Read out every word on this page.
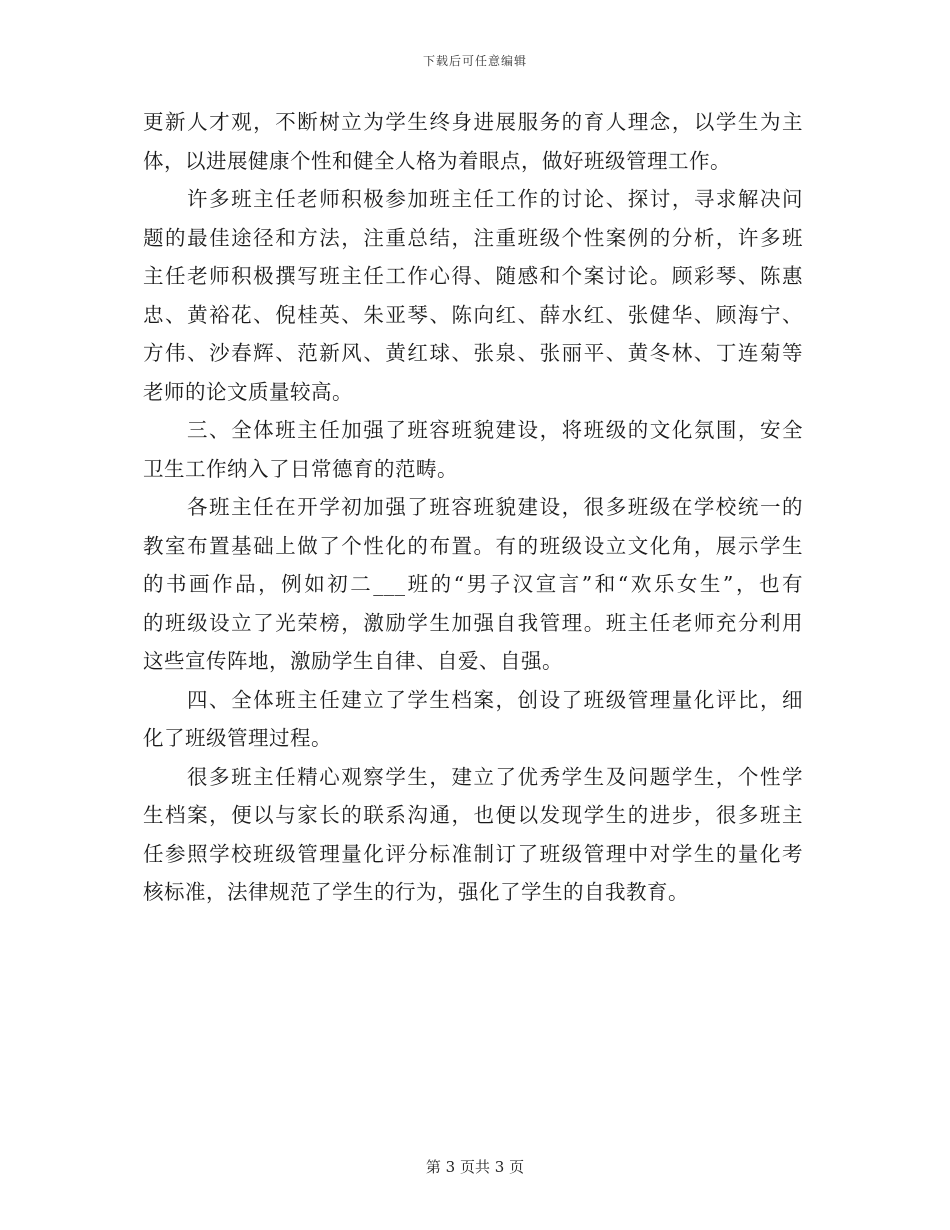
下载后可任意编辑
更新人才观，不断树立为学生终身进展服务的育人理念，以学生为主
体，以进展健康个性和健全人格为着眼点，做好班级管理工作。
许多班主任老师积极参加班主任工作的讨论、探讨，寻求解决问
题的最佳途径和方法，注重总结，注重班级个性案例的分析，许多班
主任老师积极撰写班主任工作心得、随感和个案讨论。顾彩琴、陈惠
忠、黄裕花、倪桂英、朱亚琴、陈向红、薛水红、张健华、顾海宁、
方伟、沙春辉、范新风、黄红球、张泉、张丽平、黄冬林、丁连菊等
老师的论文质量较高。
三、全体班主任加强了班容班貌建设，将班级的文化氛围，安全
卫生工作纳入了日常德育的范畴。
各班主任在开学初加强了班容班貌建设，很多班级在学校统一的
教室布置基础上做了个性化的布置。有的班级设立文化角，展示学生
的书画作品，例如初二___班的“男子汉宣言”和“欢乐女生”，也有
的班级设立了光荣榜，激励学生加强自我管理。班主任老师充分利用
这些宣传阵地，激励学生自律、自爱、自强。
四、全体班主任建立了学生档案，创设了班级管理量化评比，细
化了班级管理过程。
很多班主任精心观察学生，建立了优秀学生及问题学生，个性学
生档案，便以与家长的联系沟通，也便以发现学生的进步，很多班主
任参照学校班级管理量化评分标准制订了班级管理中对学生的量化考
核标准，法律规范了学生的行为，强化了学生的自我教育。
第 3 页共 3 页
